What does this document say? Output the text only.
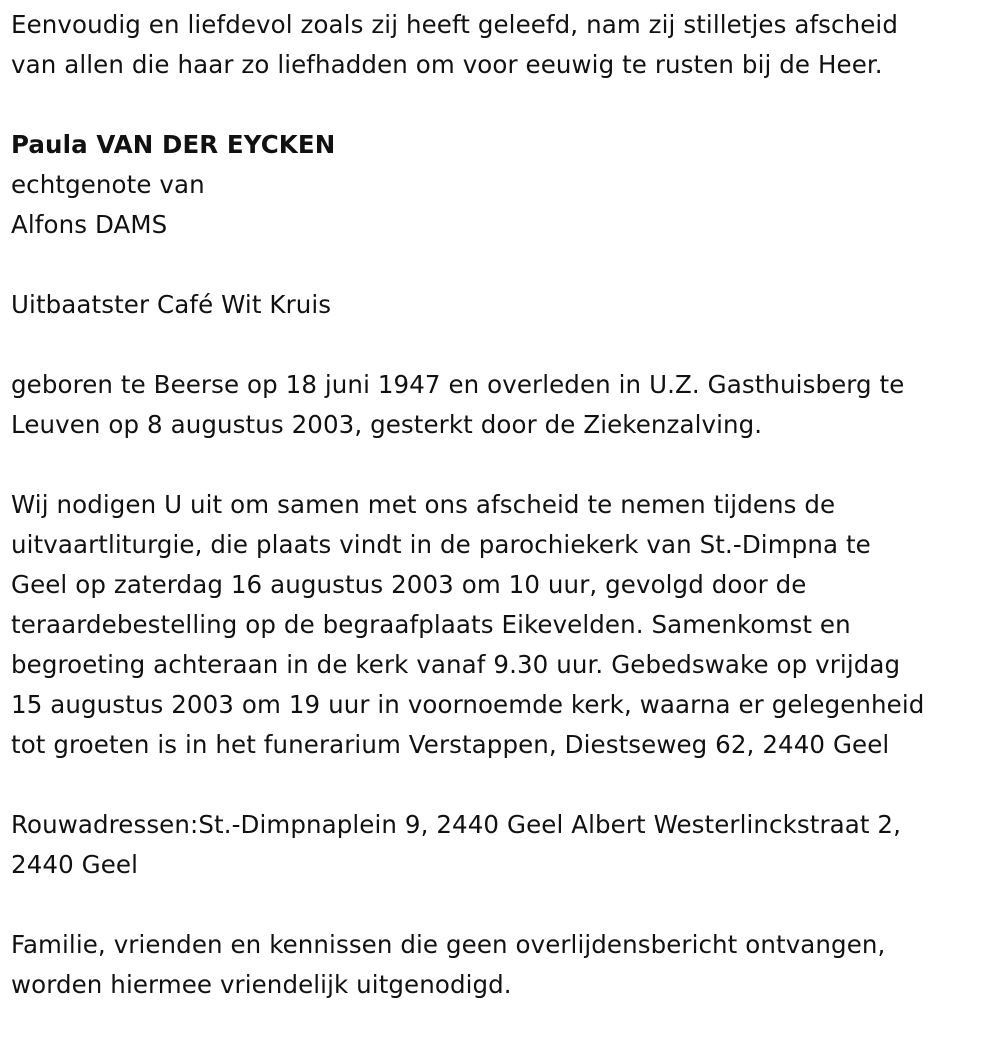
Eenvoudig en liefdevol zoals zij heeft geleefd, nam zij stilletjes afscheid
van allen die haar zo liefhadden om voor eeuwig te rusten bij de Heer.

Paula VAN DER EYCKEN
echtgenote van
Alfons DAMS

Uitbaatster Café Wit Kruis

geboren te Beerse op 18 juni 1947 en overleden in U.Z. Gasthuisberg te
Leuven op 8 augustus 2003, gesterkt door de Ziekenzalving.

Wij nodigen U uit om samen met ons afscheid te nemen tijdens de
uitvaartliturgie, die plaats vindt in de parochiekerk van St.-Dimpna te
Geel op zaterdag 16 augustus 2003 om 10 uur, gevolgd door de
teraardebestelling op de begraafplaats Eikevelden. Samenkomst en
begroeting achteraan in de kerk vanaf 9.30 uur. Gebedswake op vrijdag
15 augustus 2003 om 19 uur in voornoemde kerk, waarna er gelegenheid
tot groeten is in het funerarium Verstappen, Diestseweg 62, 2440 Geel

Rouwadressen:St.-Dimpnaplein 9, 2440 Geel Albert Westerlinckstraat 2,
2440 Geel

Familie, vrienden en kennissen die geen overlijdensbericht ontvangen,
worden hiermee vriendelijk uitgenodigd.
